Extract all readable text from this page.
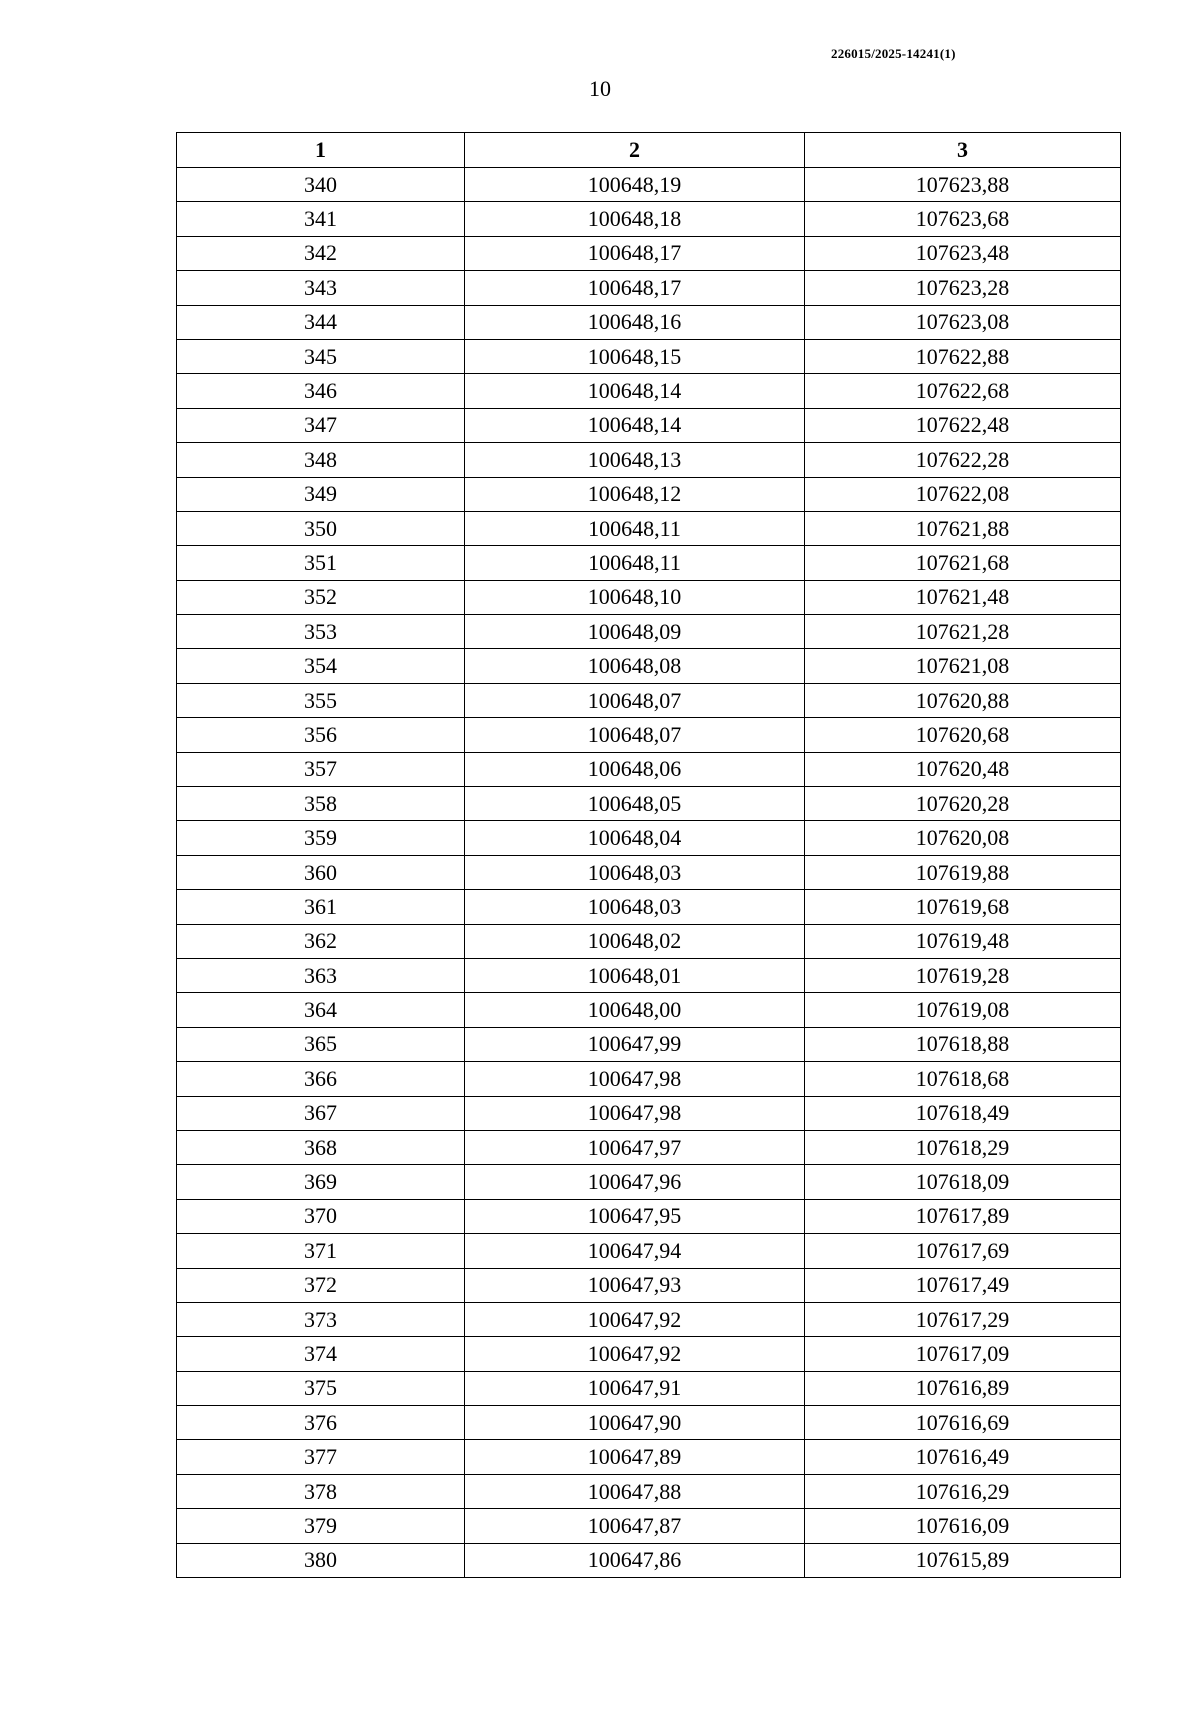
226015/2025-14241(1)
10
1	2	3
340	100648,19	107623,88
341	100648,18	107623,68
342	100648,17	107623,48
343	100648,17	107623,28
344	100648,16	107623,08
345	100648,15	107622,88
346	100648,14	107622,68
347	100648,14	107622,48
348	100648,13	107622,28
349	100648,12	107622,08
350	100648,11	107621,88
351	100648,11	107621,68
352	100648,10	107621,48
353	100648,09	107621,28
354	100648,08	107621,08
355	100648,07	107620,88
356	100648,07	107620,68
357	100648,06	107620,48
358	100648,05	107620,28
359	100648,04	107620,08
360	100648,03	107619,88
361	100648,03	107619,68
362	100648,02	107619,48
363	100648,01	107619,28
364	100648,00	107619,08
365	100647,99	107618,88
366	100647,98	107618,68
367	100647,98	107618,49
368	100647,97	107618,29
369	100647,96	107618,09
370	100647,95	107617,89
371	100647,94	107617,69
372	100647,93	107617,49
373	100647,92	107617,29
374	100647,92	107617,09
375	100647,91	107616,89
376	100647,90	107616,69
377	100647,89	107616,49
378	100647,88	107616,29
379	100647,87	107616,09
380	100647,86	107615,89
